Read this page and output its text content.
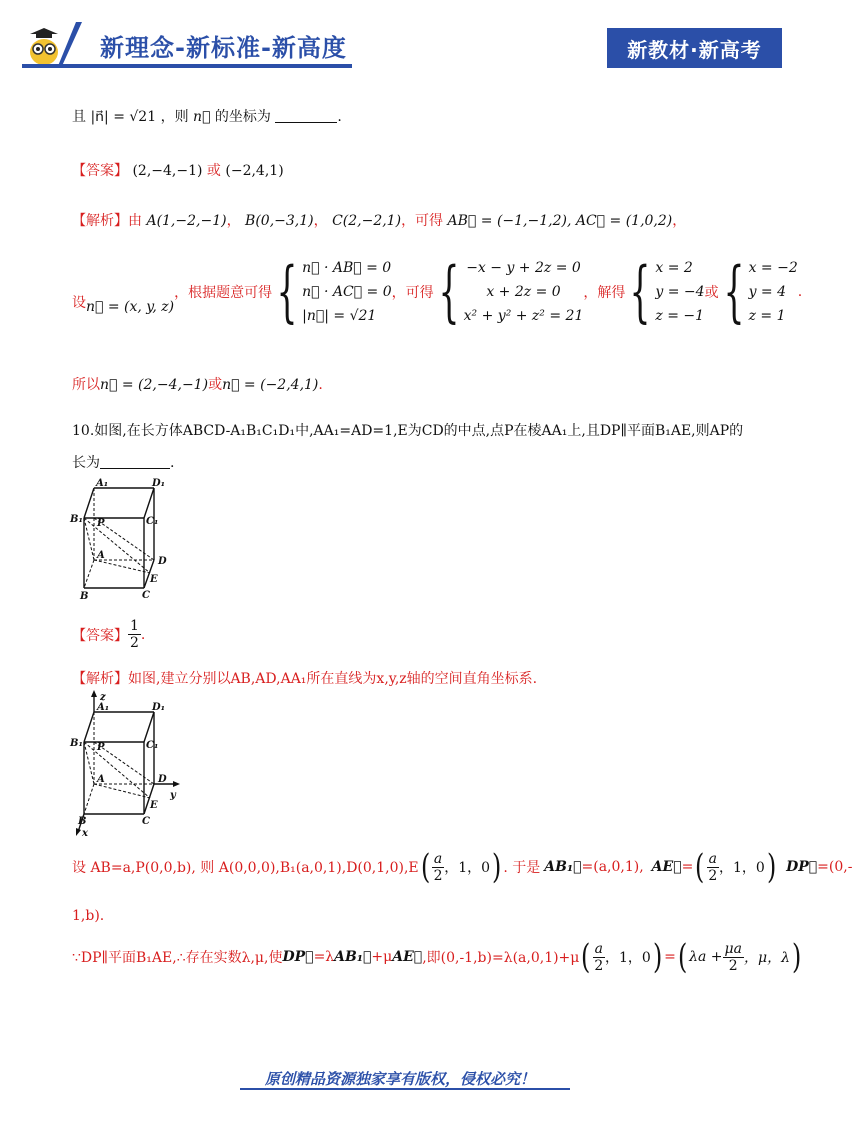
新理念-新标准-新高度	新教材·新高考
且 |n⃗| = √21 ，则 n⃗ 的坐标为	.
【答案】 (2,−4,−1) 或 (−2,4,1)
【解析】由 A(1,−2,−1)， B(0,−3,1)， C(2,−2,1)，可得 AB⃗ = (−1,−1,2), AC⃗ = (1,0,2)，
设 n⃗ = (x, y, z)
，根据题意可得 { n⃗ · AB⃗ = 0
n⃗ · AC⃗ = 0
|n⃗| = √21
，可得 { −x − y + 2z = 0
x + 2z = 0
x² + y² + z² = 21
，解得 { x = 2
y = −4
z = −1
或 { x = −2
y = 4
z = 1
.
所以n⃗ = (2,−4,−1)或n⃗ = (−2,4,1).
10.如图,在长方体ABCD-A₁B₁C₁D₁中,AA₁=AD=1,E为CD的中点,点P在棱AA₁上,且DP∥平面B₁AE,则AP的
长为	.
A₁	D₁
B₁	C₁
P
A
D
E
B	C
【答案】 $\frac{1}{2}$ .
【解析】如图,建立分别以AB,AD,AA₁所在直线为x,y,z轴的空间直角坐标系.
z
A₁	D₁
B₁	C₁
P
A	D
y
E
B	C
x
设 AB=a,P(0,0,b), 则 A(0,0,0),B₁(a,0,1),D(0,1,0),E ( $\frac{a}{2}$ ，1，0 ) . 于是 AB₁⃗ =(a,0,1), AE⃗ = ( $\frac{a}{2}$ ，1，0 ) DP⃗ =(0,-
1,b).
∵DP∥平面B₁AE,∴存在实数λ,μ,使 DP⃗ =λ AB₁⃗ +μ AE⃗ ,即(0,-1,b)=λ(a,0,1)+μ ( $\frac{a}{2}$ ，1，0 ) = ( $\lambda a + \frac{\mu a}{2}$ ，μ，λ )
原创精品资源独家享有版权，侵权必究！
